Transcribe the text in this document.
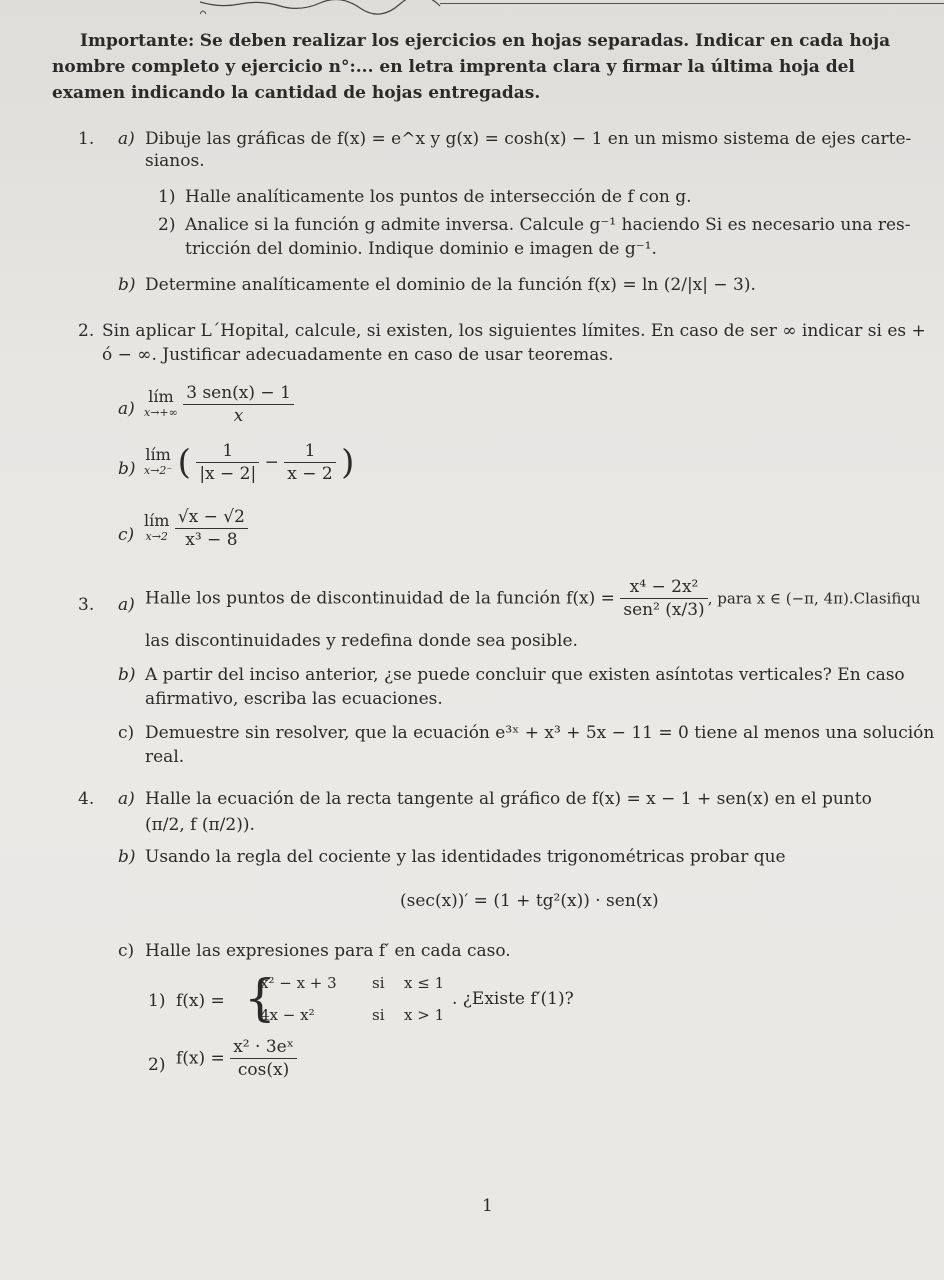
Importante: Se deben realizar los ejercicios en hojas separadas. Indicar en cada hoja
nombre completo y ejercicio n°:... en letra imprenta clara y firmar la última hoja del
examen indicando la cantidad de hojas entregadas.
1. a) Dibuje las gráficas de f(x) = e^x y g(x) = cosh(x) − 1 en un mismo sistema de ejes carte-
sianos.
1) Halle analíticamente los puntos de intersección de f con g.
2) Analice si la función g admite inversa. Calcule g⁻¹ haciendo Si es necesario una res-
tricción del dominio. Indique dominio e imagen de g⁻¹.
b) Determine analíticamente el dominio de la función f(x) = ln (2/|x| − 3).
2. Sin aplicar L´Hopital, calcule, si existen, los siguientes límites. En caso de ser ∞ indicar si es +
ó − ∞. Justificar adecuadamente en caso de usar teoremas.
a)
lím
x→+∞
$\frac{\text{3 sen(x) − 1}}{x}$
b)
lím
x→2⁻ ( $\frac{1}{|x - 2|} - \frac{1}{x - 2}$ )
c)
lím
x→2
$\frac{√x - √2}{\text{x³ − 8}}$
3. a) Halle los puntos de discontinuidad de la función $f(x) = \frac{\text{x⁴ − 2x²}}{\text{sen² (x/3)}}$ , para x ∈ (−π, 4π).Clasifiqu
las discontinuidades y redefina donde sea posible.
b) A partir del inciso anterior, ¿se puede concluir que existen asíntotas verticales? En caso
afirmativo, escriba las ecuaciones.
c) Demuestre sin resolver, que la ecuación e³ˣ + x³ + 5x − 11 = 0 tiene al menos una solución
real.
4. a) Halle la ecuación de la recta tangente al gráfico de f(x) = x − 1 + sen(x) en el punto
(π/2, f (π/2)).
b) Usando la regla del cociente y las identidades trigonométricas probar que
(sec(x))′ = (1 + tg²(x)) · sen(x)
c) Halle las expresiones para f′ en cada caso.
1) f(x) = {
x² − x + 3 si x ≤ 1
4x − x²	si x > 1
. ¿Existe f′(1)?
2) $f(x) = \frac{\text{x² · 3eˣ}}{\cos(x)}$
1
